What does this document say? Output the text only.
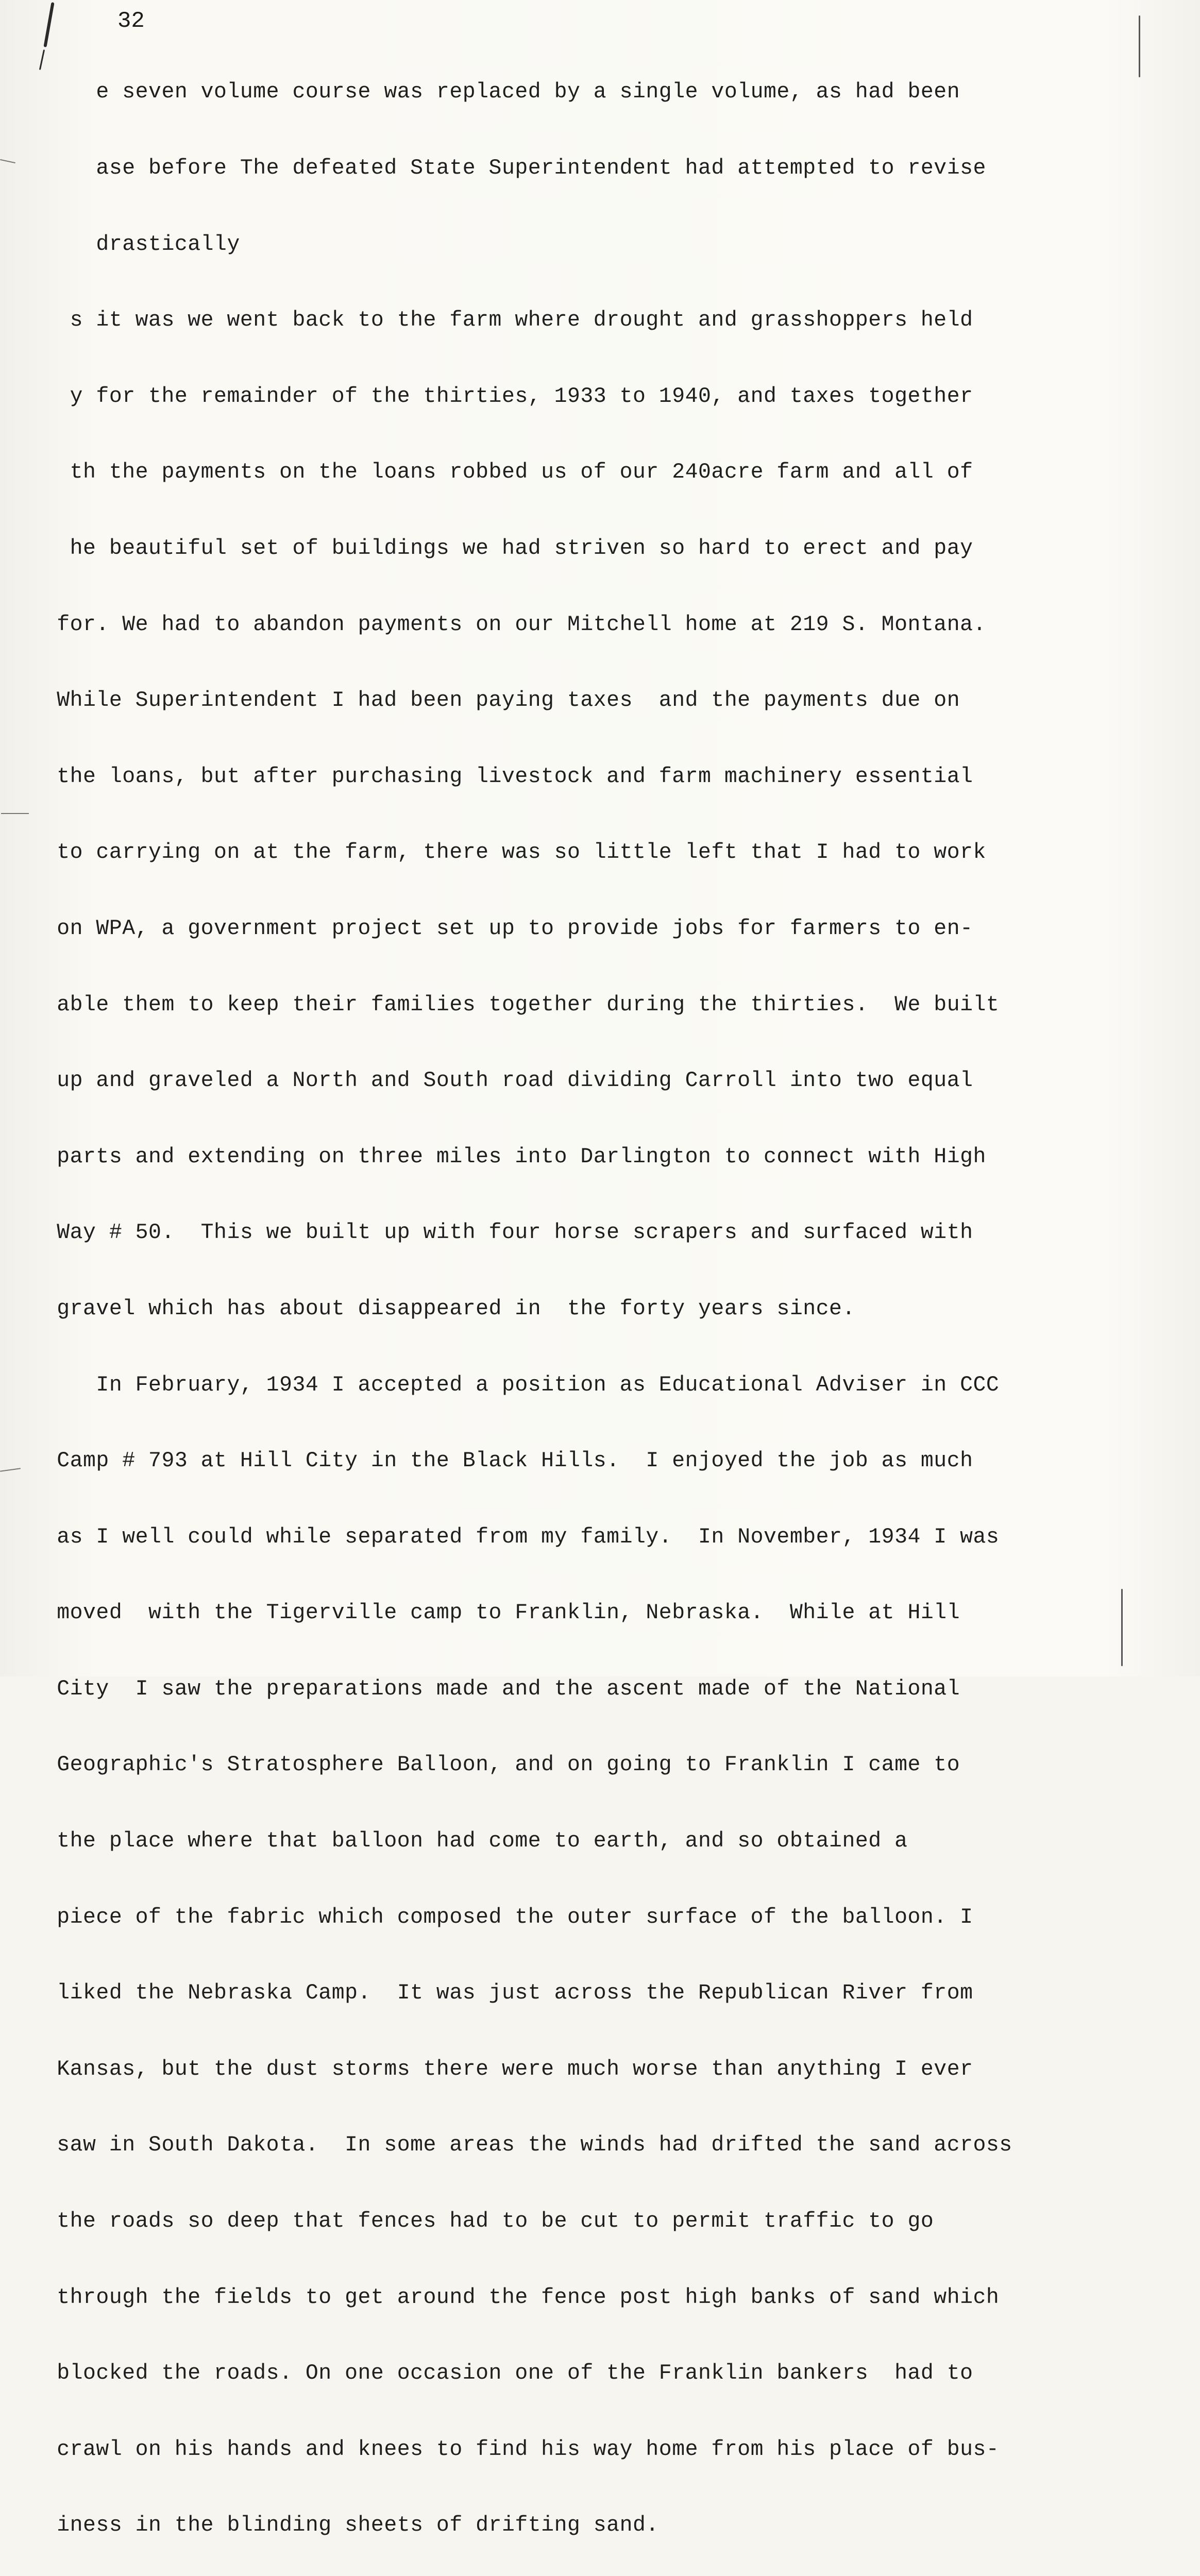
32

e seven volume course was replaced by a single volume, as had been

ase before The defeated State Superintendent had attempted to revise

drastically

s it was we went back to the farm where drought and grasshoppers held

y for the remainder of the thirties, 1933 to 1940, and taxes together

th the payments on the loans robbed us of our 240acre farm and all of

he beautiful set of buildings we had striven so hard to erect and pay

for. We had to abandon payments on our Mitchell home at 219 S. Montana.

While Superintendent I had been paying taxes  and the payments due on

the loans, but after purchasing livestock and farm machinery essential

to carrying on at the farm, there was so little left that I had to work

on WPA, a government project set up to provide jobs for farmers to en-

able them to keep their families together during the thirties.  We built

up and graveled a North and South road dividing Carroll into two equal

parts and extending on three miles into Darlington to connect with High

Way # 50.  This we built up with four horse scrapers and surfaced with

gravel which has about disappeared in  the forty years since.

In February, 1934 I accepted a position as Educational Adviser in CCC

Camp # 793 at Hill City in the Black Hills.  I enjoyed the job as much

as I well could while separated from my family.  In November, 1934 I was

moved  with the Tigerville camp to Franklin, Nebraska.  While at Hill

City  I saw the preparations made and the ascent made of the National

Geographic's Stratosphere Balloon, and on going to Franklin I came to

the place where that balloon had come to earth, and so obtained a

piece of the fabric which composed the outer surface of the balloon. I

liked the Nebraska Camp.  It was just across the Republican River from

Kansas, but the dust storms there were much worse than anything I ever

saw in South Dakota.  In some areas the winds had drifted the sand across

the roads so deep that fences had to be cut to permit traffic to go

through the fields to get around the fence post high banks of sand which

blocked the roads. On one occasion one of the Franklin bankers  had to

crawl on his hands and knees to find his way home from his place of bus-

iness in the blinding sheets of drifting sand.
